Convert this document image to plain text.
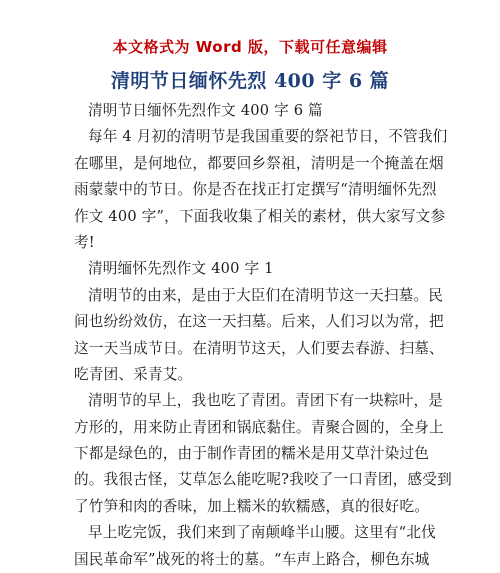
本文格式为 Word 版，下载可任意编辑
清明节日缅怀先烈 400 字 6 篇
清明节日缅怀先烈作文 400 字 6 篇
每年 4 月初的清明节是我国重要的祭祀节日，不管我们
在哪里，是何地位，都要回乡祭祖，清明是一个掩盖在烟
雨蒙蒙中的节日。你是否在找正打定撰写“清明缅怀先烈
作文 400 字”，下面我收集了相关的素材，供大家写文参
考!
清明缅怀先烈作文 400 字 1
清明节的由来，是由于大臣们在清明节这一天扫墓。民
间也纷纷效仿，在这一天扫墓。后来，人们习以为常，把
这一天当成节日。在清明节这天，人们要去春游、扫墓、
吃青团、采青艾。
清明节的早上，我也吃了青团。青团下有一块粽叶，是
方形的，用来防止青团和锅底黏住。青聚合圆的，全身上
下都是绿色的，由于制作青团的糯米是用艾草汁染过色
的。我很古怪，艾草怎么能吃呢?我咬了一口青团，感受到
了竹笋和肉的香味，加上糯米的软糯感，真的很好吃。
早上吃完饭，我们来到了南颠峰半山腰。这里有“北伐
国民革命军”战死的将士的墓。“车声上路合，柳色东城
